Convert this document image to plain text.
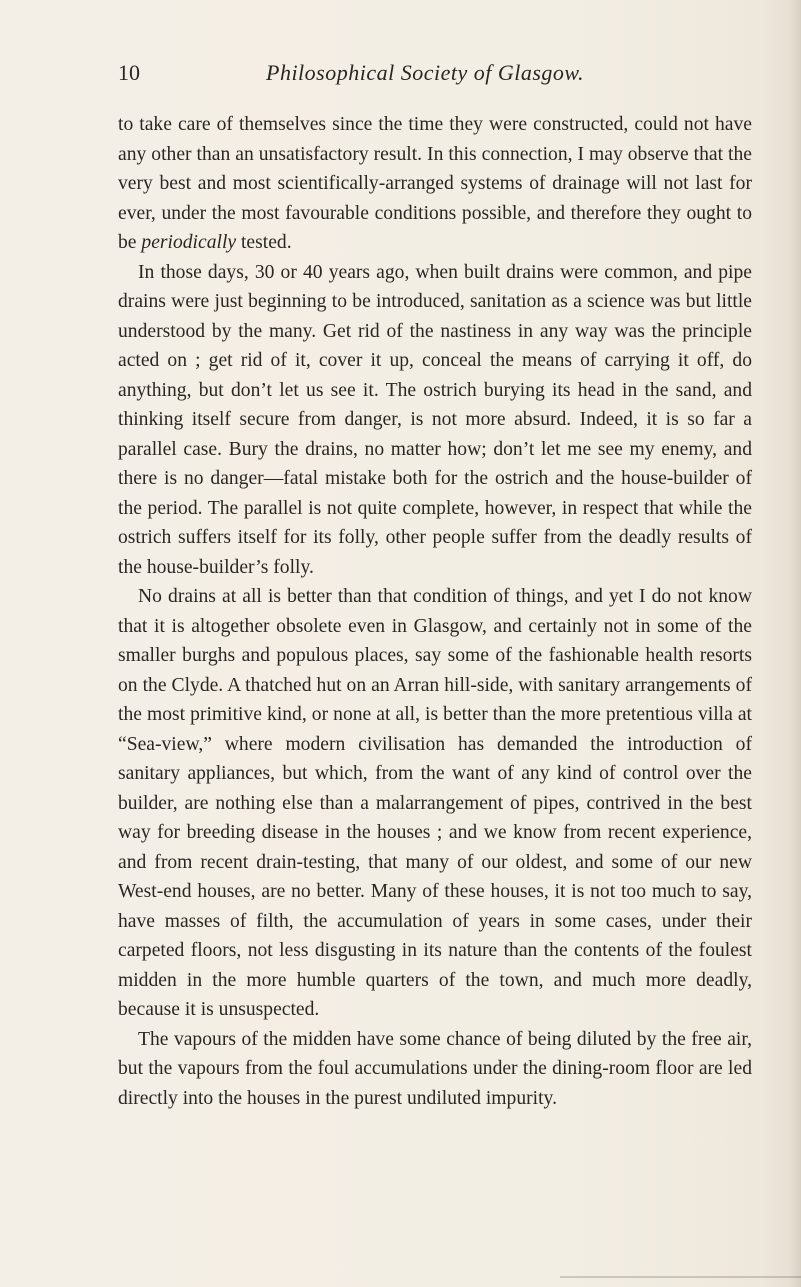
10	Philosophical Society of Glasgow.

to take care of themselves since the time they were constructed, could not have any other than an unsatisfactory result. In this connection, I may observe that the very best and most scientifically-arranged systems of drainage will not last for ever, under the most favourable conditions possible, and therefore they ought to be periodically tested.

In those days, 30 or 40 years ago, when built drains were common, and pipe drains were just beginning to be introduced, sanitation as a science was but little understood by the many. Get rid of the nastiness in any way was the principle acted on ; get rid of it, cover it up, conceal the means of carrying it off, do anything, but don’t let us see it. The ostrich burying its head in the sand, and thinking itself secure from danger, is not more absurd. Indeed, it is so far a parallel case. Bury the drains, no matter how; don’t let me see my enemy, and there is no danger—fatal mistake both for the ostrich and the house-builder of the period. The parallel is not quite complete, however, in respect that while the ostrich suffers itself for its folly, other people suffer from the deadly results of the house-builder’s folly.

No drains at all is better than that condition of things, and yet I do not know that it is altogether obsolete even in Glasgow, and certainly not in some of the smaller burghs and populous places, say some of the fashionable health resorts on the Clyde. A thatched hut on an Arran hill-side, with sanitary arrangements of the most primitive kind, or none at all, is better than the more pretentious villa at “Sea-view,” where modern civilisation has demanded the introduction of sanitary appliances, but which, from the want of any kind of control over the builder, are nothing else than a malarrangement of pipes, contrived in the best way for breeding disease in the houses ; and we know from recent experience, and from recent drain-testing, that many of our oldest, and some of our new West-end houses, are no better. Many of these houses, it is not too much to say, have masses of filth, the accumulation of years in some cases, under their carpeted floors, not less disgusting in its nature than the contents of the foulest midden in the more humble quarters of the town, and much more deadly, because it is unsuspected.

The vapours of the midden have some chance of being diluted by the free air, but the vapours from the foul accumulations under the dining-room floor are led directly into the houses in the purest undiluted impurity.
